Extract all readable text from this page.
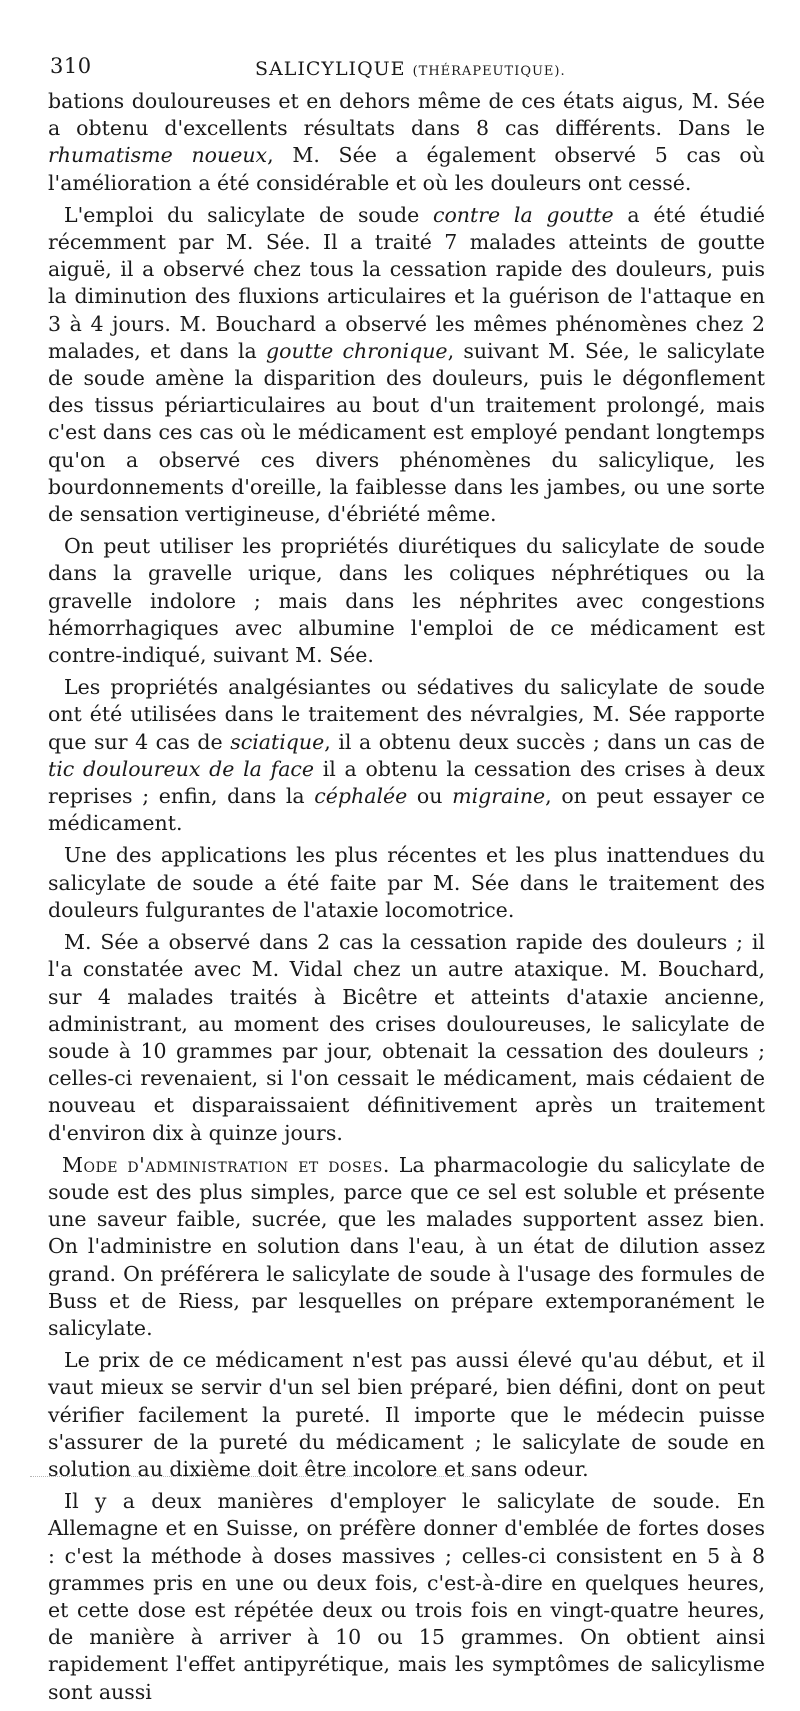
310	SALICYLIQUE (THÉRAPEUTIQUE).

bations douloureuses et en dehors même de ces états aigus, M. Sée a obtenu d'excellents résultats dans 8 cas différents. Dans le rhumatisme noueux, M. Sée a également observé 5 cas où l'amélioration a été considérable et où les douleurs ont cessé.

L'emploi du salicylate de soude contre la goutte a été étudié récemment par M. Sée. Il a traité 7 malades atteints de goutte aiguë, il a observé chez tous la cessation rapide des douleurs, puis la diminution des fluxions articulaires et la guérison de l'attaque en 3 à 4 jours. M. Bouchard a observé les mêmes phénomènes chez 2 malades, et dans la goutte chronique, suivant M. Sée, le salicylate de soude amène la disparition des douleurs, puis le dégonflement des tissus périarticulaires au bout d'un traitement prolongé, mais c'est dans ces cas où le médicament est employé pendant longtemps qu'on a observé ces divers phénomènes du salicylique, les bourdonnements d'oreille, la faiblesse dans les jambes, ou une sorte de sensation vertigineuse, d'ébriété même.

On peut utiliser les propriétés diurétiques du salicylate de soude dans la gravelle urique, dans les coliques néphrétiques ou la gravelle indolore ; mais dans les néphrites avec congestions hémorrhagiques avec albumine l'emploi de ce médicament est contre-indiqué, suivant M. Sée.

Les propriétés analgésiantes ou sédatives du salicylate de soude ont été utilisées dans le traitement des névralgies, M. Sée rapporte que sur 4 cas de sciatique, il a obtenu deux succès ; dans un cas de tic douloureux de la face il a obtenu la cessation des crises à deux reprises ; enfin, dans la céphalée ou migraine, on peut essayer ce médicament.

Une des applications les plus récentes et les plus inattendues du salicylate de soude a été faite par M. Sée dans le traitement des douleurs fulgurantes de l'ataxie locomotrice.

M. Sée a observé dans 2 cas la cessation rapide des douleurs ; il l'a constatée avec M. Vidal chez un autre ataxique. M. Bouchard, sur 4 malades traités à Bicêtre et atteints d'ataxie ancienne, administrant, au moment des crises douloureuses, le salicylate de soude à 10 grammes par jour, obtenait la cessation des douleurs ; celles-ci revenaient, si l'on cessait le médicament, mais cédaient de nouveau et disparaissaient définitivement après un traitement d'environ dix à quinze jours.

Mode d'administration et doses. La pharmacologie du salicylate de soude est des plus simples, parce que ce sel est soluble et présente une saveur faible, sucrée, que les malades supportent assez bien. On l'administre en solution dans l'eau, à un état de dilution assez grand. On préférera le salicylate de soude à l'usage des formules de Buss et de Riess, par lesquelles on prépare extemporanément le salicylate.

Le prix de ce médicament n'est pas aussi élevé qu'au début, et il vaut mieux se servir d'un sel bien préparé, bien défini, dont on peut vérifier facilement la pureté. Il importe que le médecin puisse s'assurer de la pureté du médicament ; le salicylate de soude en solution au dixième doit être incolore et sans odeur.

Il y a deux manières d'employer le salicylate de soude. En Allemagne et en Suisse, on préfère donner d'emblée de fortes doses : c'est la méthode à doses massives ; celles-ci consistent en 5 à 8 grammes pris en une ou deux fois, c'est-à-dire en quelques heures, et cette dose est répétée deux ou trois fois en vingt-quatre heures, de manière à arriver à 10 ou 15 grammes. On obtient ainsi rapidement l'effet antipyrétique, mais les symptômes de salicylisme sont aussi
